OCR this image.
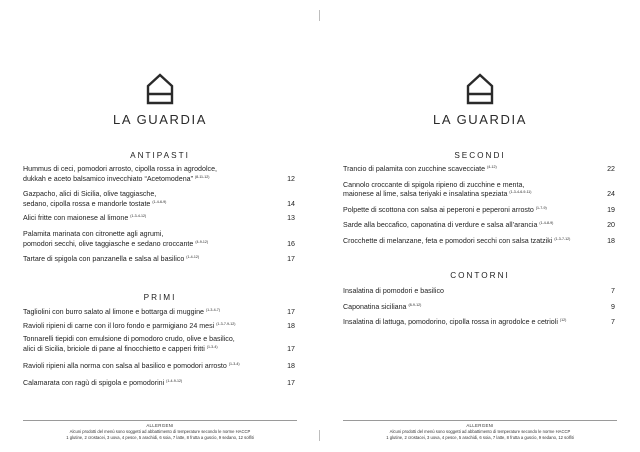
LA GUARDIA
ANTIPASTI
Hummus di ceci, pomodori arrosto, cipolla rossa in agrodolce,
dukkah e aceto balsamico invecchiato “Acetomodena” $^{(8-11-12)}$	12
Gazpacho, alici di Sicilia, olive taggiasche,
sedano, cipolla rossa e mandorle tostate $^{(1-4-6-9)}$	14
Alici fritte con maionese al limone $^{(1-3-4-12)}$	13
Palamita marinata con citronette agli agrumi,
pomodori secchi, olive taggiasche e sedano croccante $^{(4-9-12)}$	16
Tartare di spigola con panzanella e salsa al basilico $^{(1-4-12)}$	17
PRIMI
Tagliolini con burro salato al limone e bottarga di muggine $^{(1-3-4-7)}$	17
Ravioli ripieni di carne con il loro fondo e parmigiano 24 mesi $^{(1-3-7-9-12)}$	18
Tonnarelli tiepidi con emulsione di pomodoro crudo, olive e basilico,
alici di Sicilia, briciole di pane al finocchietto e capperi fritti $^{(1-3-4)}$	17
Ravioli ripieni alla norma con salsa al basilico e pomodori arrosto $^{(1-3-4)}$	18
Calamarata con ragù di spigola e pomodorini $^{(1-4-9-12)}$	17
ALLERGENI
Alcuni prodotti del menù sono soggetti ad abbattimento di temperature secondo le norme HACCP
1 glutine, 2 crostacei, 3 uova, 4 pesce, 5 arachidi, 6 soia, 7 latte, 8 frutta a guscio, 9 sedano, 12 solfiti
LA GUARDIA
SECONDI
Trancio di palamita con zucchine scavecciate $^{(4-12)}$	22
Cannolo croccante di spigola ripieno di zucchine e menta,
maionese al lime, salsa teriyaki e insalatina speziata $^{(1-3-4-6-9-11)}$	24
Polpette di scottona con salsa ai peperoni e peperoni arrosto $^{(1-7-9)}$	19
Sarde alla beccafico, caponatina di verdure e salsa all’arancia $^{(1-4-8-9)}$	20
Crocchette di melanzane, feta e pomodori secchi con salsa tzatziki $^{(1-3-7-12)}$	18
CONTORNI
Insalatina di pomodori e basilico	7
Caponatina siciliana $^{(8-9-12)}$	9
Insalatina di lattuga, pomodorino, cipolla rossa in agrodolce e cetrioli $^{(12)}$	7
ALLERGENI
Alcuni prodotti del menù sono soggetti ad abbattimento di temperature secondo le norme HACCP
1 glutine, 2 crostacei, 3 uova, 4 pesce, 5 arachidi, 6 soia, 7 latte, 8 frutta a guscio, 9 sedano, 12 solfiti
